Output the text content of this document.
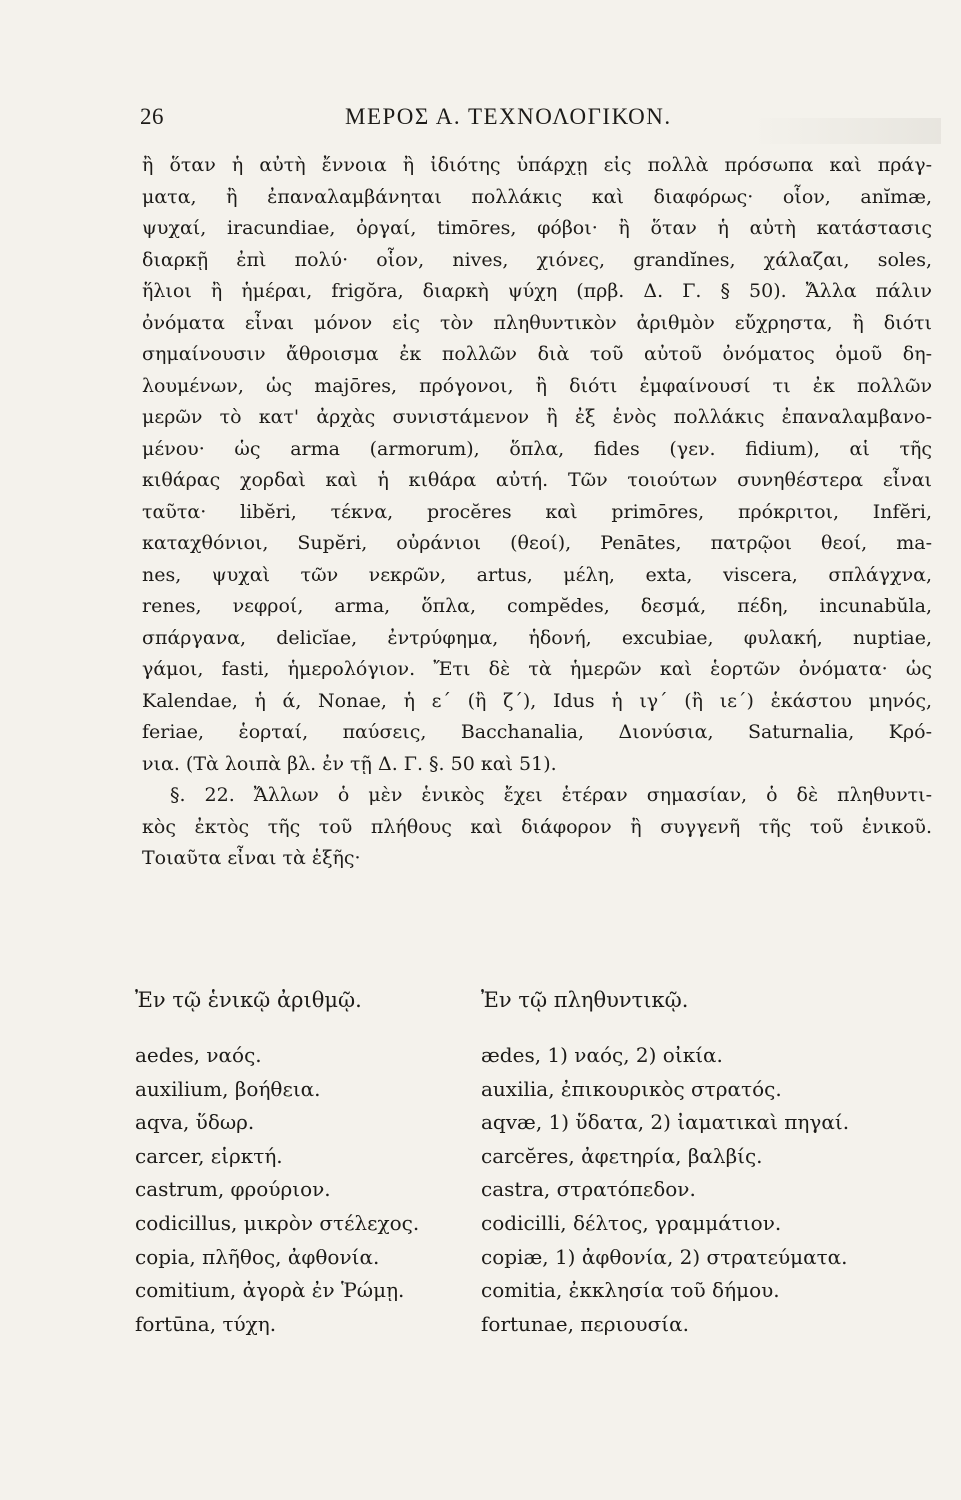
26	ΜΕΡΟΣ Α. ΤΕΧΝΟΛΟΓΙΚΟΝ.
ἢ ὅταν ἡ αὐτὴ ἔννοια ἢ ἰδιότης ὑπάρχῃ εἰς πολλὰ πρόσωπα καὶ πράγ-
ματα, ἢ ἐπαναλαμβάνηται πολλάκις καὶ διαφόρως· οἷον, anĭmæ,
ψυχαί, iracundiae, ὀργαί, timōres, φόβοι· ἢ ὅταν ἡ αὐτὴ κατάστασις
διαρκῇ ἐπὶ πολύ· οἷον, nives, χιόνες, grandĭnes, χάλαζαι, soles,
ἥλιοι ἢ ἡμέραι, frigŏra, διαρκὴ ψύχη (πρβ. Δ. Γ. § 50). Ἄλλα πάλιν
ὀνόματα εἶναι μόνον εἰς τὸν πληθυντικὸν ἀριθμὸν εὔχρηστα, ἢ διότι
σημαίνουσιν ἄθροισμα ἐκ πολλῶν διὰ τοῦ αὐτοῦ ὀνόματος ὁμοῦ δη-
λουμένων, ὡς majōres, πρόγονοι, ἢ διότι ἐμφαίνουσί τι ἐκ πολλῶν
μερῶν τὸ κατ' ἀρχὰς συνιστάμενον ἢ ἐξ ἑνὸς πολλάκις ἐπαναλαμβανο-
μένου· ὡς arma (armorum), ὅπλα, fides (γεν. fidium), αἱ τῆς
κιθάρας χορδαὶ καὶ ἡ κιθάρα αὐτή. Τῶν τοιούτων συνηθέστερα εἶναι
ταῦτα· libĕri, τέκνα, procĕres καὶ primōres, πρόκριτοι, Infĕri,
καταχθόνιοι, Supĕri, οὐράνιοι (θεοί), Penātes, πατρῷοι θεοί, ma-
nes, ψυχαὶ τῶν νεκρῶν, artus, μέλη, exta, viscera, σπλάγχνα,
renes, νεφροί, arma, ὅπλα, compĕdes, δεσμά, πέδη, incunabŭla,
σπάργανα, delicĭae, ἐντρύφημα, ἡδονή, excubiae, φυλακή, nuptiae,
γάμοι, fasti, ἡμερολόγιον. Ἔτι δὲ τὰ ἡμερῶν καὶ ἑορτῶν ὀνόματα· ὡς
Kalendae, ἡ ά, Nonae, ἡ ε΄ (ἢ ζ΄), Idus ἡ ιγ΄ (ἢ ιε΄) ἑκάστου μηνός,
feriae, ἑορταί, παύσεις, Bacchanalia, Διονύσια, Saturnalia, Κρό-
νια. (Τὰ λοιπὰ βλ. ἐν τῇ Δ. Γ. §. 50 καὶ 51).
§. 22. Ἄλλων ὁ μὲν ἑνικὸς ἔχει ἑτέραν σημασίαν, ὁ δὲ πληθυντι-
κὸς ἐκτὸς τῆς τοῦ πλήθους καὶ διάφορον ἢ συγγενῆ τῆς τοῦ ἑνικοῦ.
Τοιαῦτα εἶναι τὰ ἑξῆς·
Ἐν τῷ ἑνικῷ ἀριθμῷ.	Ἐν τῷ πληθυντικῷ.
aedes, ναός.	ædes, 1) ναός, 2) οἰκία.
auxilium, βοήθεια.	auxilia, ἐπικουρικὸς στρατός.
aqva, ὕδωρ.	aqvæ, 1) ὕδατα, 2) ἰαματικαὶ πηγαί.
carcer, εἱρκτή.	carcĕres, ἀφετηρία, βαλβίς.
castrum, φρούριον.	castra, στρατόπεδον.
codicillus, μικρὸν στέλεχος.	codicilli, δέλτος, γραμμάτιον.
copia, πλῆθος, ἀφθονία.	copiæ, 1) ἀφθονία, 2) στρατεύματα.
comitium, ἀγορὰ ἐν Ῥώμῃ.	comitia, ἐκκλησία τοῦ δήμου.
fortūna, τύχη.	fortunae, περιουσία.
